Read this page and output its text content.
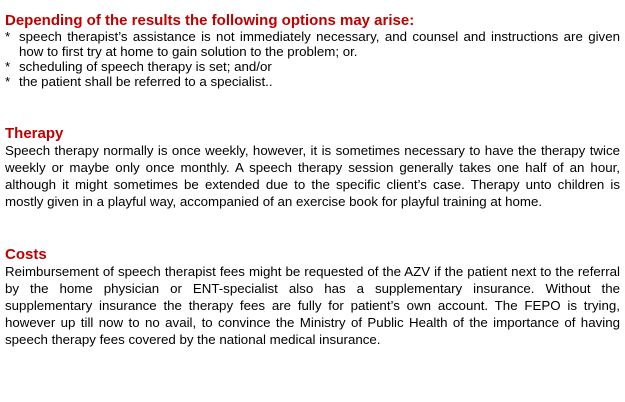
Depending of the results the following options may arise:
* speech therapist’s assistance is not immediately necessary, and counsel and instructions are given how to first try at home to gain solution to the problem; or.
* scheduling of speech therapy is set; and/or
* the patient shall be referred to a specialist..
Therapy

Speech therapy normally is once weekly, however, it is sometimes necessary to have the therapy twice weekly or maybe only once monthly. A speech therapy session generally takes one half of an hour, although it might sometimes be extended due to the specific client’s case. Therapy unto children is mostly given in a playful way, accompanied of an exercise book for playful training at home.

Costs

Reimbursement of speech therapist fees might be requested of the AZV if the patient next to the referral by the home physician or ENT-specialist also has a supplementary insurance. Without the supplementary insurance the therapy fees are fully for patient’s own account. The FEPO is trying, however up till now to no avail, to convince the Ministry of Public Health of the importance of having speech therapy fees covered by the national medical insurance.
